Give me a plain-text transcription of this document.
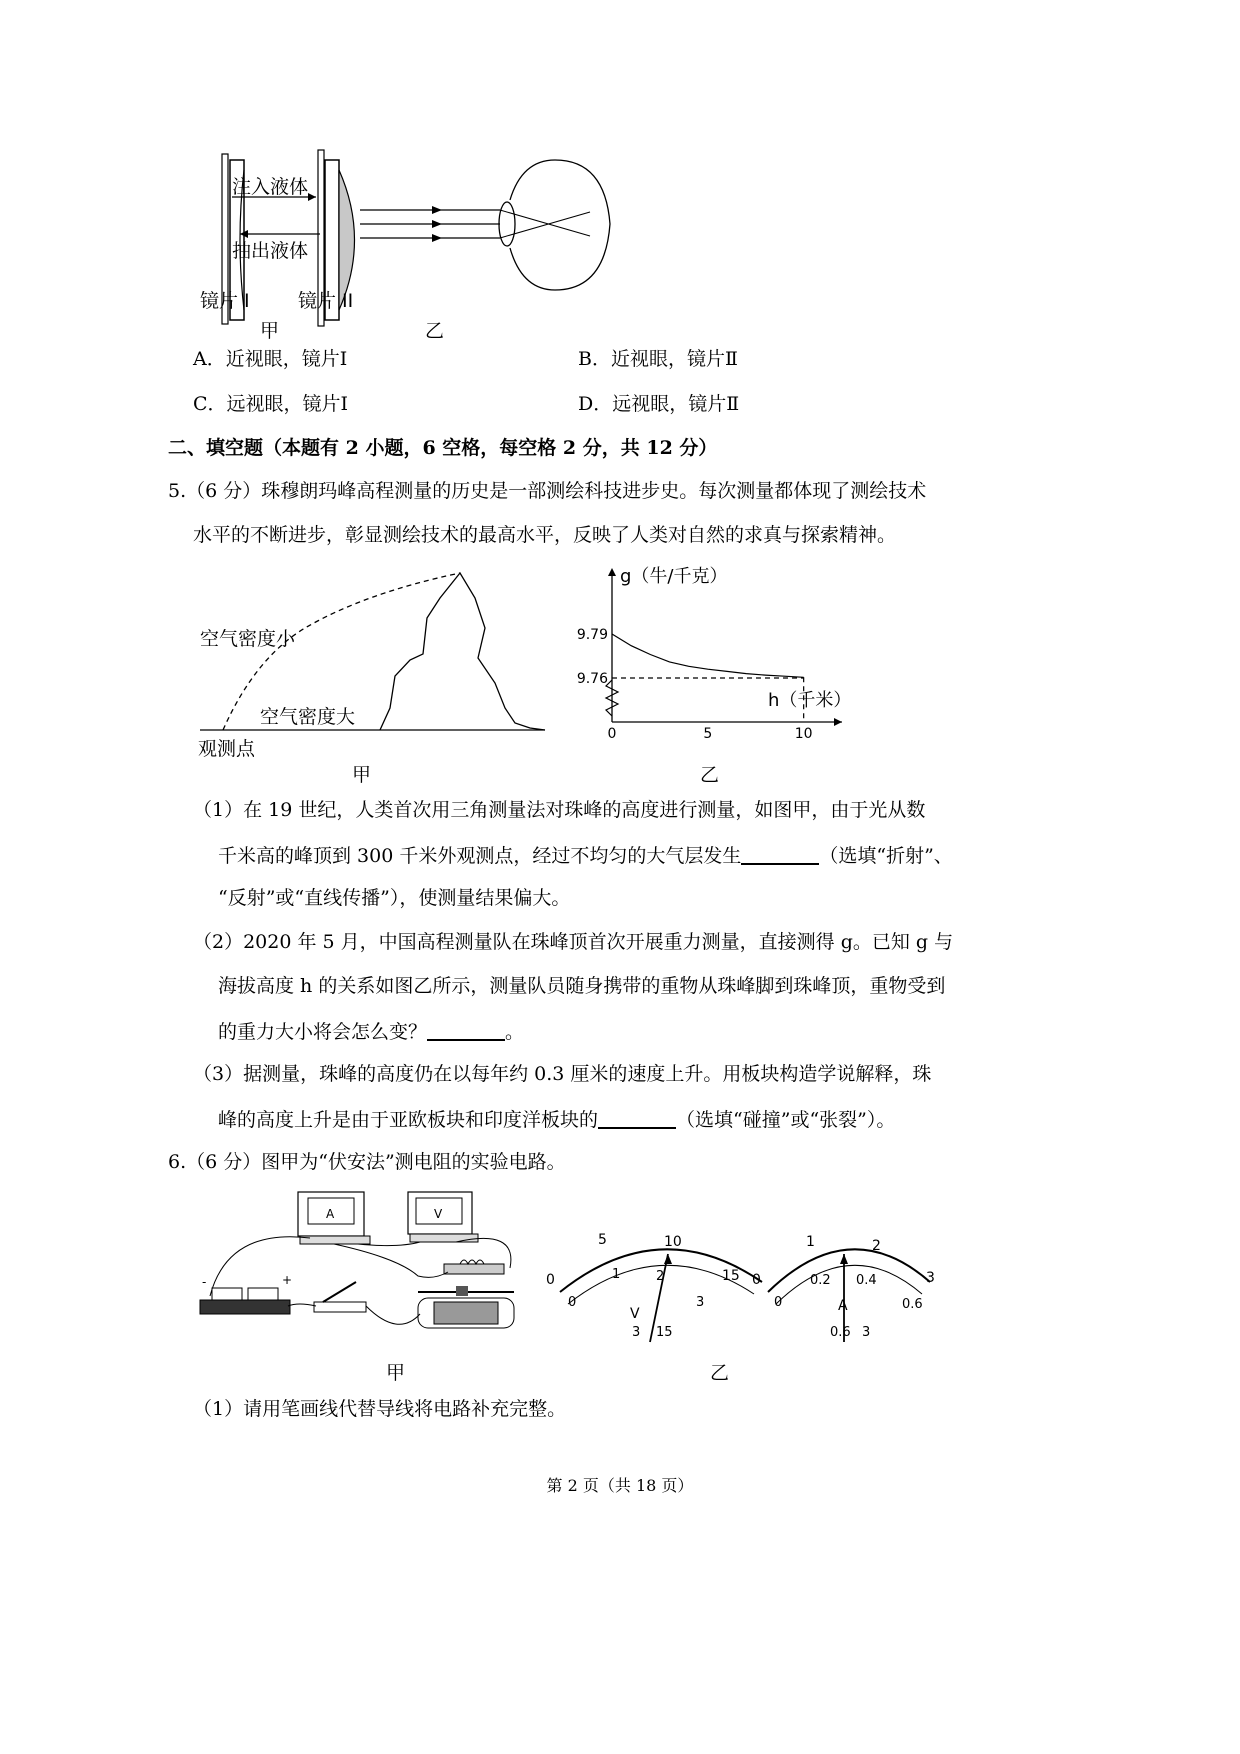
注入液体
抽出液体
镜片 I	镜片 II
甲	乙
A．近视眼，镜片Ⅰ	B．近视眼，镜片Ⅱ
C．远视眼，镜片Ⅰ	D．远视眼，镜片Ⅱ
二、填空题（本题有 2 小题，6 空格，每空格 2 分，共 12 分）
5.（6 分）珠穆朗玛峰高程测量的历史是一部测绘科技进步史。每次测量都体现了测绘技术
水平的不断进步，彰显测绘技术的最高水平，反映了人类对自然的求真与探索精神。
空气密度小
空气密度大
观测点
甲
9.76
9.79
0	5	10
g（牛/千克）
h（千米）
乙
（1）在 19 世纪，人类首次用三角测量法对珠峰的高度进行测量，如图甲，由于光从数
千米高的峰顶到 300 千米外观测点，经过不均匀的大气层发生	（选填“折射”、
“反射”或“直线传播”），使测量结果偏大。
（2）2020 年 5 月，中国高程测量队在珠峰顶首次开展重力测量，直接测得 g。已知 g 与
海拔高度 h 的关系如图乙所示，测量队员随身携带的重物从珠峰脚到珠峰顶，重物受到
的重力大小将会怎么变？	。
（3）据测量，珠峰的高度仍在以每年约 0.3 厘米的速度上升。用板块构造学说解释，珠
峰的高度上升是由于亚欧板块和印度洋板块的	（选填“碰撞”或“张裂”）。
6.（6 分）图甲为“伏安法”测电阻的实验电路。
A	V
-	+
甲
0
5	10
15
0
1	2
3
V
3 15
0
1	2
3
0
0.2 0.4
0.6
A
0.6 3
乙
（1）请用笔画线代替导线将电路补充完整。
第 2 页（共 18 页）
